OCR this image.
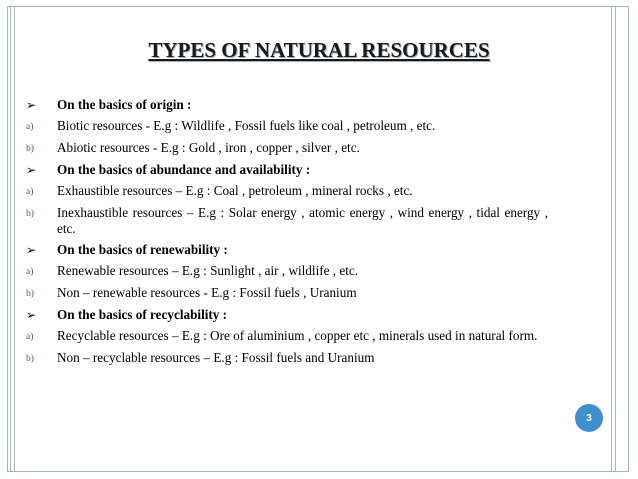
TYPES OF NATURAL RESOURCES
➢	On the basics of origin :
a)	Biotic resources - E.g : Wildlife , Fossil fuels like coal , petroleum , etc.
b)	Abiotic resources - E.g : Gold , iron , copper , silver , etc.
➢	On the basics of abundance and availability :
a)	Exhaustible resources – E.g : Coal , petroleum , mineral rocks , etc.
b)	Inexhaustible resources – E.g : Solar energy , atomic energy , wind energy , tidal energy , etc.
➢	On the basics of renewability :
a)	Renewable resources – E.g : Sunlight , air , wildlife , etc.
b)	Non – renewable resources - E.g : Fossil fuels , Uranium
➢	On the basics of recyclability :
a)	Recyclable resources – E.g : Ore of aluminium , copper etc , minerals used in natural form.
b)	Non – recyclable resources – E.g : Fossil fuels and Uranium
3
